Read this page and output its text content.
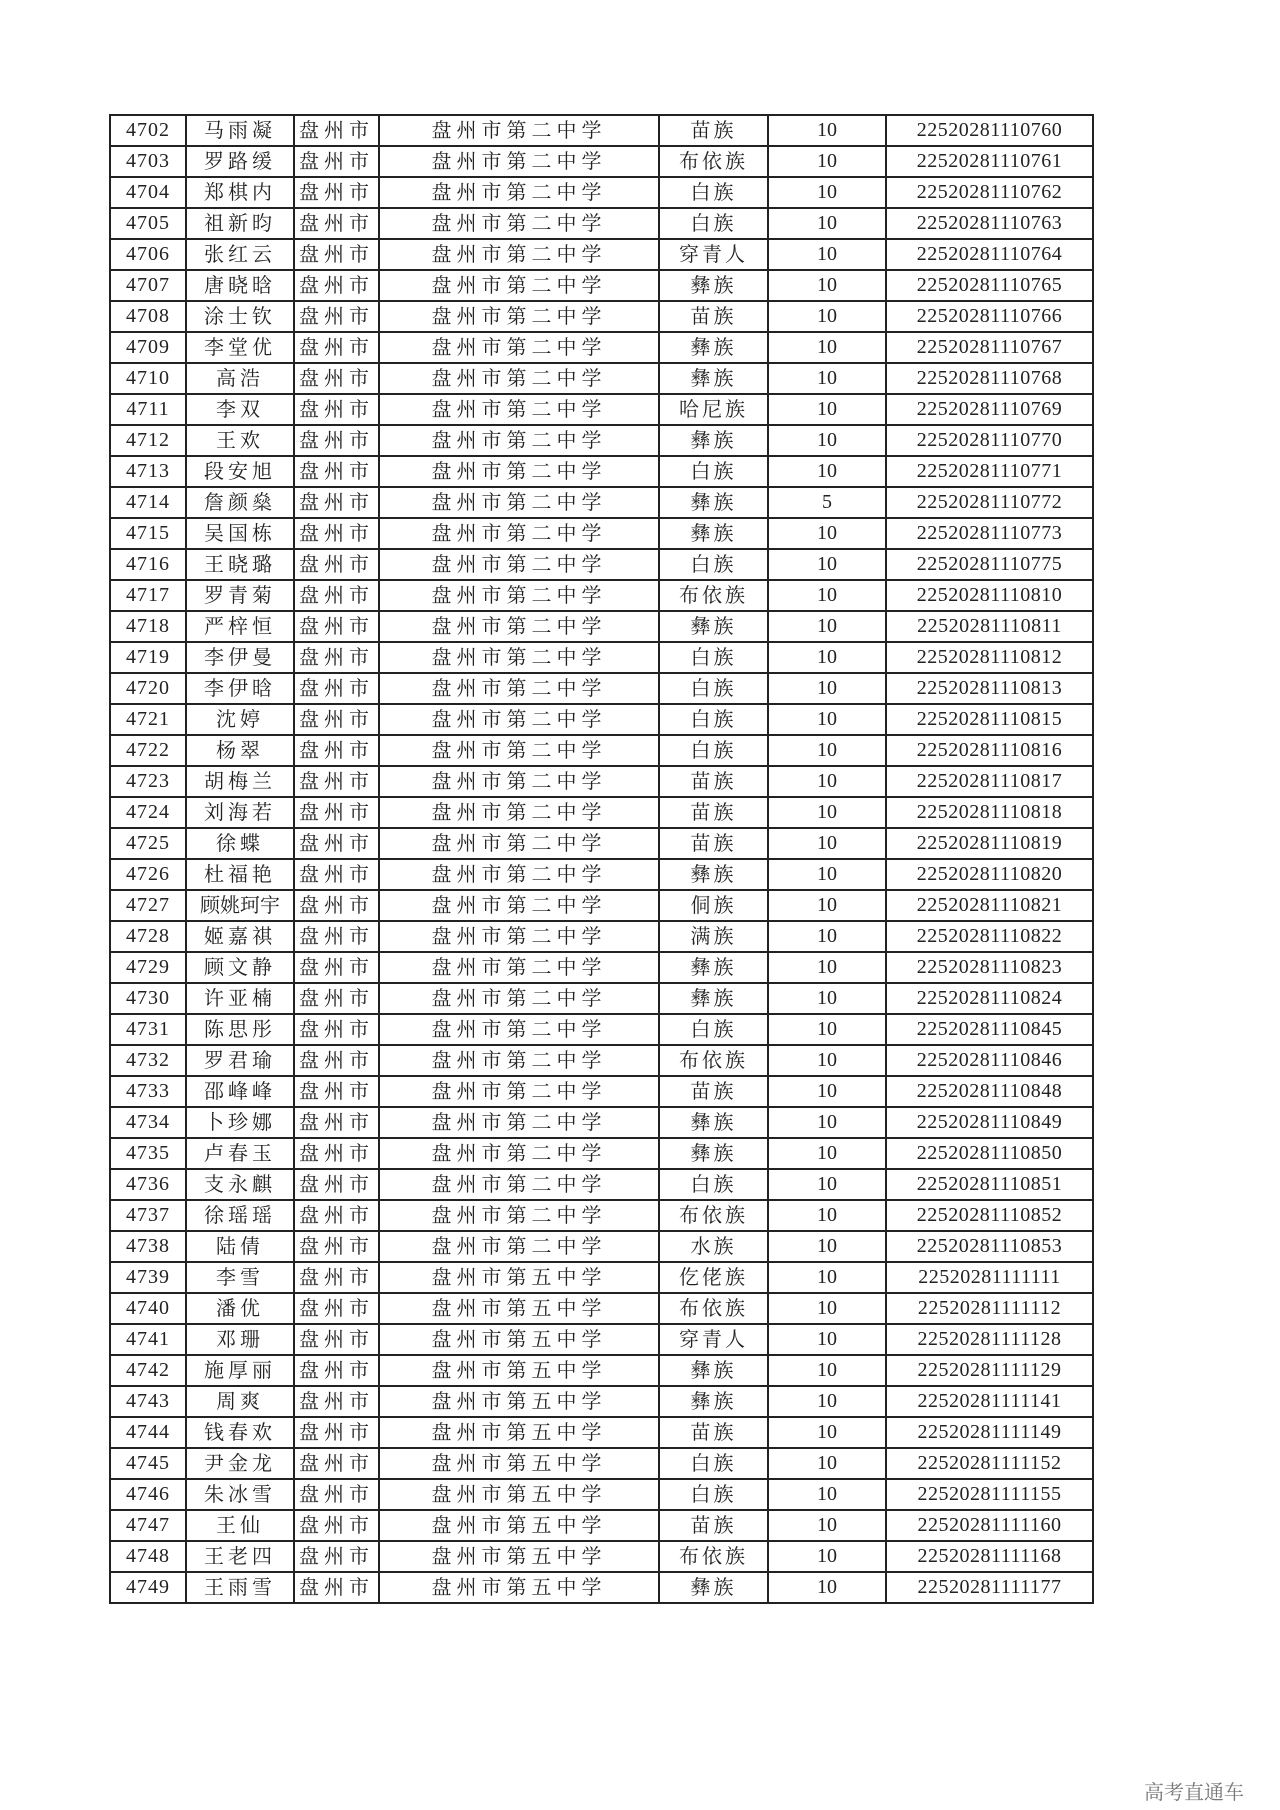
4702	马雨凝	盘州市	盘州市第二中学	苗族	10	22520281110760
4703	罗路缓	盘州市	盘州市第二中学	布依族	10	22520281110761
4704	郑棋内	盘州市	盘州市第二中学	白族	10	22520281110762
4705	祖新昀	盘州市	盘州市第二中学	白族	10	22520281110763
4706	张红云	盘州市	盘州市第二中学	穿青人	10	22520281110764
4707	唐晓晗	盘州市	盘州市第二中学	彝族	10	22520281110765
4708	涂士钦	盘州市	盘州市第二中学	苗族	10	22520281110766
4709	李堂优	盘州市	盘州市第二中学	彝族	10	22520281110767
4710	高浩	盘州市	盘州市第二中学	彝族	10	22520281110768
4711	李双	盘州市	盘州市第二中学	哈尼族	10	22520281110769
4712	王欢	盘州市	盘州市第二中学	彝族	10	22520281110770
4713	段安旭	盘州市	盘州市第二中学	白族	10	22520281110771
4714	詹颜燊	盘州市	盘州市第二中学	彝族	5	22520281110772
4715	吴国栋	盘州市	盘州市第二中学	彝族	10	22520281110773
4716	王晓璐	盘州市	盘州市第二中学	白族	10	22520281110775
4717	罗青菊	盘州市	盘州市第二中学	布依族	10	22520281110810
4718	严梓恒	盘州市	盘州市第二中学	彝族	10	22520281110811
4719	李伊曼	盘州市	盘州市第二中学	白族	10	22520281110812
4720	李伊晗	盘州市	盘州市第二中学	白族	10	22520281110813
4721	沈婷	盘州市	盘州市第二中学	白族	10	22520281110815
4722	杨翠	盘州市	盘州市第二中学	白族	10	22520281110816
4723	胡梅兰	盘州市	盘州市第二中学	苗族	10	22520281110817
4724	刘海若	盘州市	盘州市第二中学	苗族	10	22520281110818
4725	徐蝶	盘州市	盘州市第二中学	苗族	10	22520281110819
4726	杜福艳	盘州市	盘州市第二中学	彝族	10	22520281110820
4727	顾姚珂宇	盘州市	盘州市第二中学	侗族	10	22520281110821
4728	姬嘉祺	盘州市	盘州市第二中学	满族	10	22520281110822
4729	顾文静	盘州市	盘州市第二中学	彝族	10	22520281110823
4730	许亚楠	盘州市	盘州市第二中学	彝族	10	22520281110824
4731	陈思彤	盘州市	盘州市第二中学	白族	10	22520281110845
4732	罗君瑜	盘州市	盘州市第二中学	布依族	10	22520281110846
4733	邵峰峰	盘州市	盘州市第二中学	苗族	10	22520281110848
4734	卜珍娜	盘州市	盘州市第二中学	彝族	10	22520281110849
4735	卢春玉	盘州市	盘州市第二中学	彝族	10	22520281110850
4736	支永麒	盘州市	盘州市第二中学	白族	10	22520281110851
4737	徐瑶瑶	盘州市	盘州市第二中学	布依族	10	22520281110852
4738	陆倩	盘州市	盘州市第二中学	水族	10	22520281110853
4739	李雪	盘州市	盘州市第五中学	仡佬族	10	22520281111111
4740	潘优	盘州市	盘州市第五中学	布依族	10	22520281111112
4741	邓珊	盘州市	盘州市第五中学	穿青人	10	22520281111128
4742	施厚丽	盘州市	盘州市第五中学	彝族	10	22520281111129
4743	周爽	盘州市	盘州市第五中学	彝族	10	22520281111141
4744	钱春欢	盘州市	盘州市第五中学	苗族	10	22520281111149
4745	尹金龙	盘州市	盘州市第五中学	白族	10	22520281111152
4746	朱冰雪	盘州市	盘州市第五中学	白族	10	22520281111155
4747	王仙	盘州市	盘州市第五中学	苗族	10	22520281111160
4748	王老四	盘州市	盘州市第五中学	布依族	10	22520281111168
4749	王雨雪	盘州市	盘州市第五中学	彝族	10	22520281111177
高考直通车
